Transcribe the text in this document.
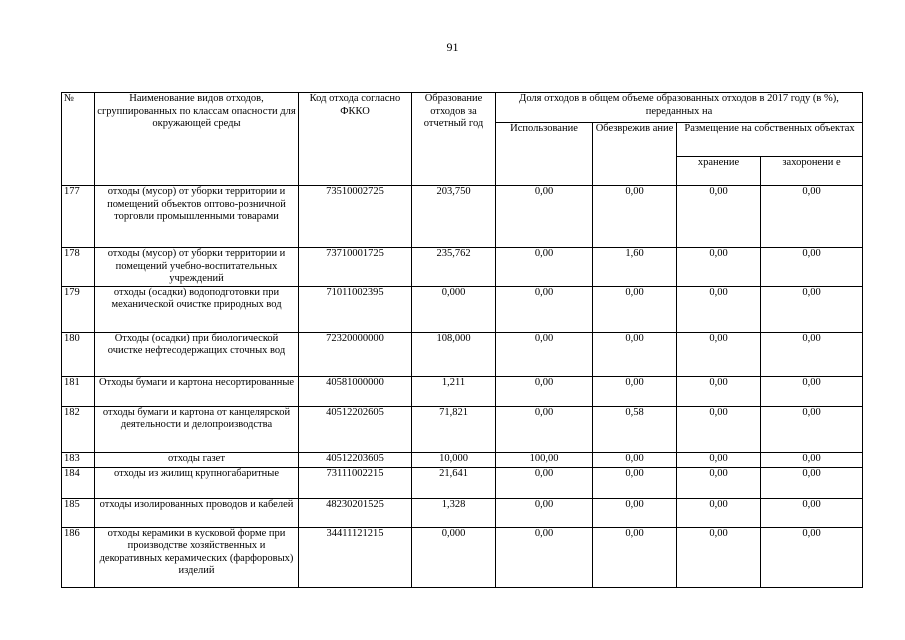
91
№	Наименование видов отходов, сгруппированных по классам опасности для окружающей среды	Код отхода согласно ФККО	Образование отходов за отчетный год	Доля отходов в общем объеме образованных отходов в 2017 году (в %), переданных на			
				Использование	Обезврежив ание	Размещение на собственных объектах	
						хранение	захоронени е
177	отходы (мусор) от уборки территории и помещений объектов оптово-розничной торговли промышленными товарами	73510002725	203,750	0,00	0,00	0,00	0,00
178	отходы (мусор) от уборки территории и помещений учебно-воспитательных учреждений	73710001725	235,762	0,00	1,60	0,00	0,00
179	отходы (осадки) водоподготовки при механической очистке природных вод	71011002395	0,000	0,00	0,00	0,00	0,00
180	Отходы (осадки) при биологической очистке нефтесодержащих сточных вод	72320000000	108,000	0,00	0,00	0,00	0,00
181	Отходы бумаги и картона несортированные	40581000000	1,211	0,00	0,00	0,00	0,00
182	отходы бумаги и картона от канцелярской деятельности и делопроизводства	40512202605	71,821	0,00	0,58	0,00	0,00
183	отходы газет	40512203605	10,000	100,00	0,00	0,00	0,00
184	отходы из жилищ крупногабаритные	73111002215	21,641	0,00	0,00	0,00	0,00
185	отходы изолированных проводов и кабелей	48230201525	1,328	0,00	0,00	0,00	0,00
186	отходы керамики в кусковой форме при производстве хозяйственных и декоративных керамических (фарфоровых) изделий	34411121215	0,000	0,00	0,00	0,00	0,00
